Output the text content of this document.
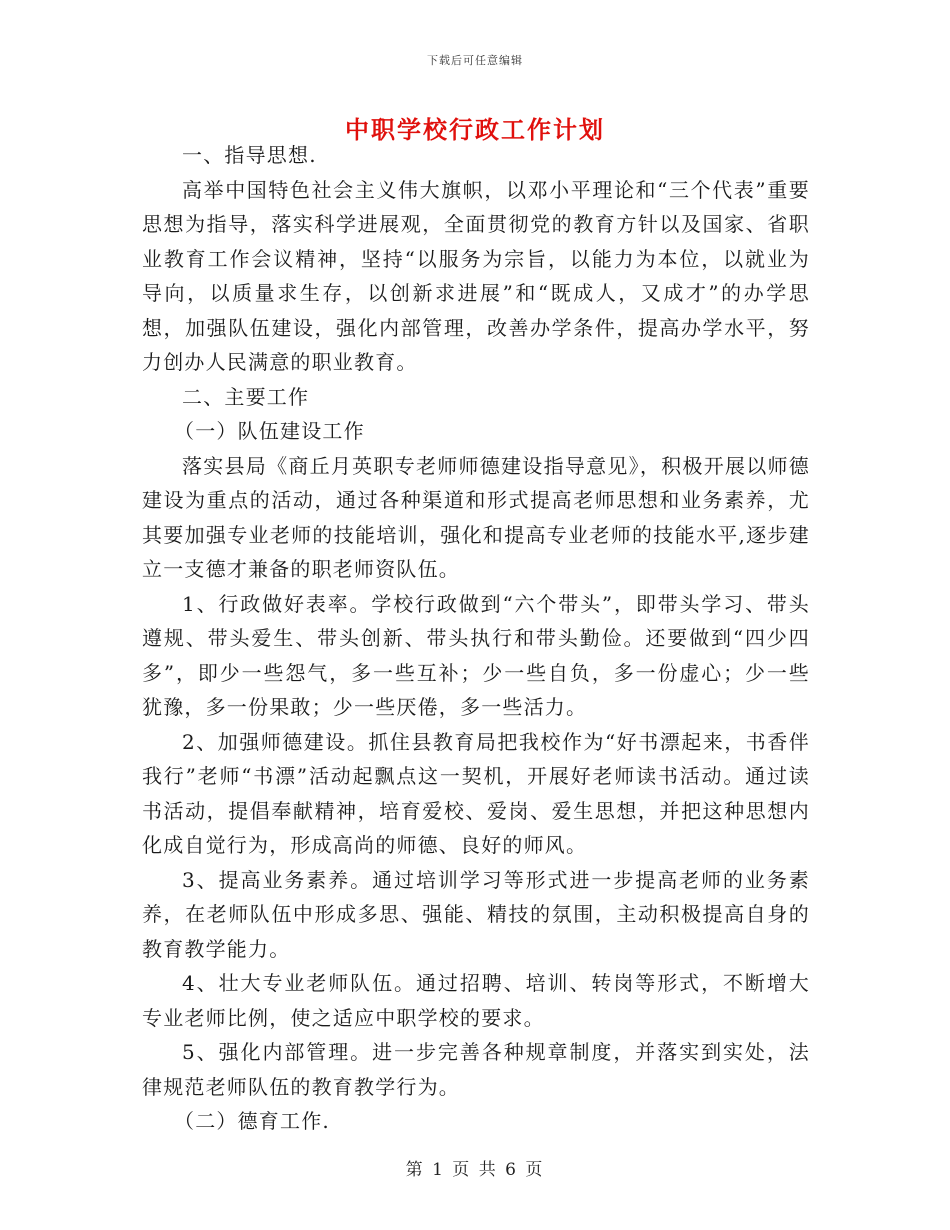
下载后可任意编辑
中职学校行政工作计划

一、指导思想.

高举中国特色社会主义伟大旗帜，以邓小平理论和“三个代表”重要思想为指导，落实科学进展观，全面贯彻党的教育方针以及国家、省职业教育工作会议精神，坚持“以服务为宗旨，以能力为本位，以就业为导向，以质量求生存，以创新求进展”和“既成人，又成才”的办学思想，加强队伍建设，强化内部管理，改善办学条件，提高办学水平，努力创办人民满意的职业教育。

二、主要工作

（一）队伍建设工作

落实县局《商丘月英职专老师师德建设指导意见》，积极开展以师德建设为重点的活动，通过各种渠道和形式提高老师思想和业务素养，尤其要加强专业老师的技能培训，强化和提高专业老师的技能水平,逐步建立一支德才兼备的职老师资队伍。

1、行政做好表率。学校行政做到“六个带头”，即带头学习、带头遵规、带头爱生、带头创新、带头执行和带头勤俭。还要做到“四少四多”，即少一些怨气，多一些互补；少一些自负，多一份虚心；少一些犹豫，多一份果敢；少一些厌倦，多一些活力。

2、加强师德建设。抓住县教育局把我校作为“好书漂起来，书香伴我行”老师“书漂”活动起飘点这一契机，开展好老师读书活动。通过读书活动，提倡奉献精神，培育爱校、爱岗、爱生思想，并把这种思想内化成自觉行为，形成高尚的师德、良好的师风。

3、提高业务素养。通过培训学习等形式进一步提高老师的业务素养，在老师队伍中形成多思、强能、精技的氛围，主动积极提高自身的教育教学能力。

4、壮大专业老师队伍。通过招聘、培训、转岗等形式，不断增大专业老师比例，使之适应中职学校的要求。

5、强化内部管理。进一步完善各种规章制度，并落实到实处，法律规范老师队伍的教育教学行为。

（二）德育工作.

第 1 页 共 6 页
